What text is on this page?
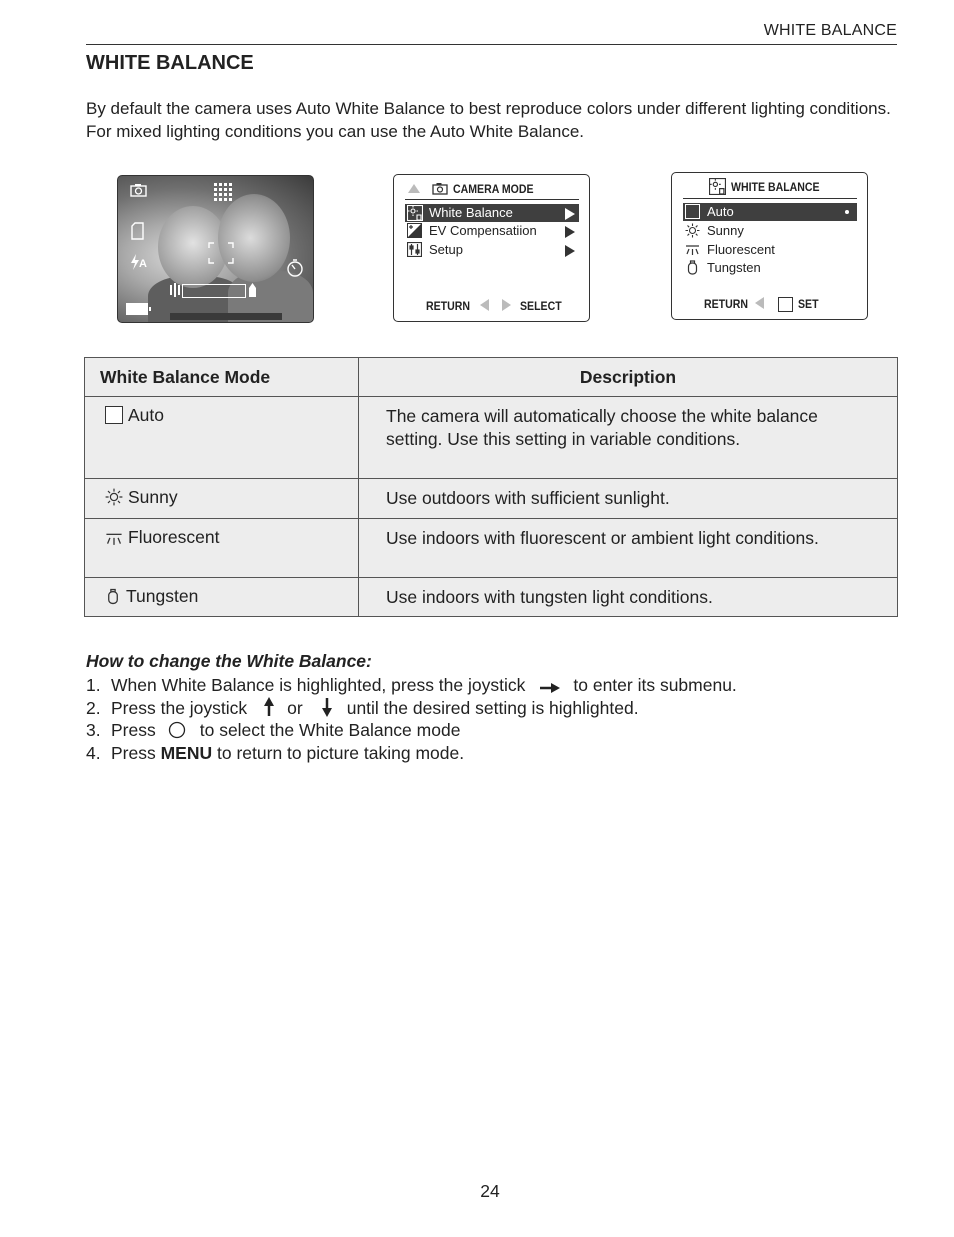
WHITE BALANCE
WHITE BALANCE

By default the camera uses Auto White Balance to best reproduce colors under different lighting conditions. For mixed lighting conditions you can use the Auto White Balance.

A
CAMERA MODE
White Balance
EV Compensatiion
Setup
RETURN	SELECT
WHITE BALANCE
Auto
Sunny
Fluorescent
Tungsten
RETURN	SET
White Balance Mode	Description
Auto	The camera will automatically choose the white balance setting. Use this setting in variable conditions.
Sunny	Use outdoors with sufficient sunlight.
Fluorescent	Use indoors with fluorescent or ambient light conditions.
Tungsten	Use indoors with tungsten light conditions.
How to change the White Balance:
1. When White Balance is highlighted, press the joystick	to enter its submenu.
2. Press the joystick or	until the desired setting is highlighted.
3. Press	to select the White Balance mode
4. Press MENU to return to picture taking mode.
24
